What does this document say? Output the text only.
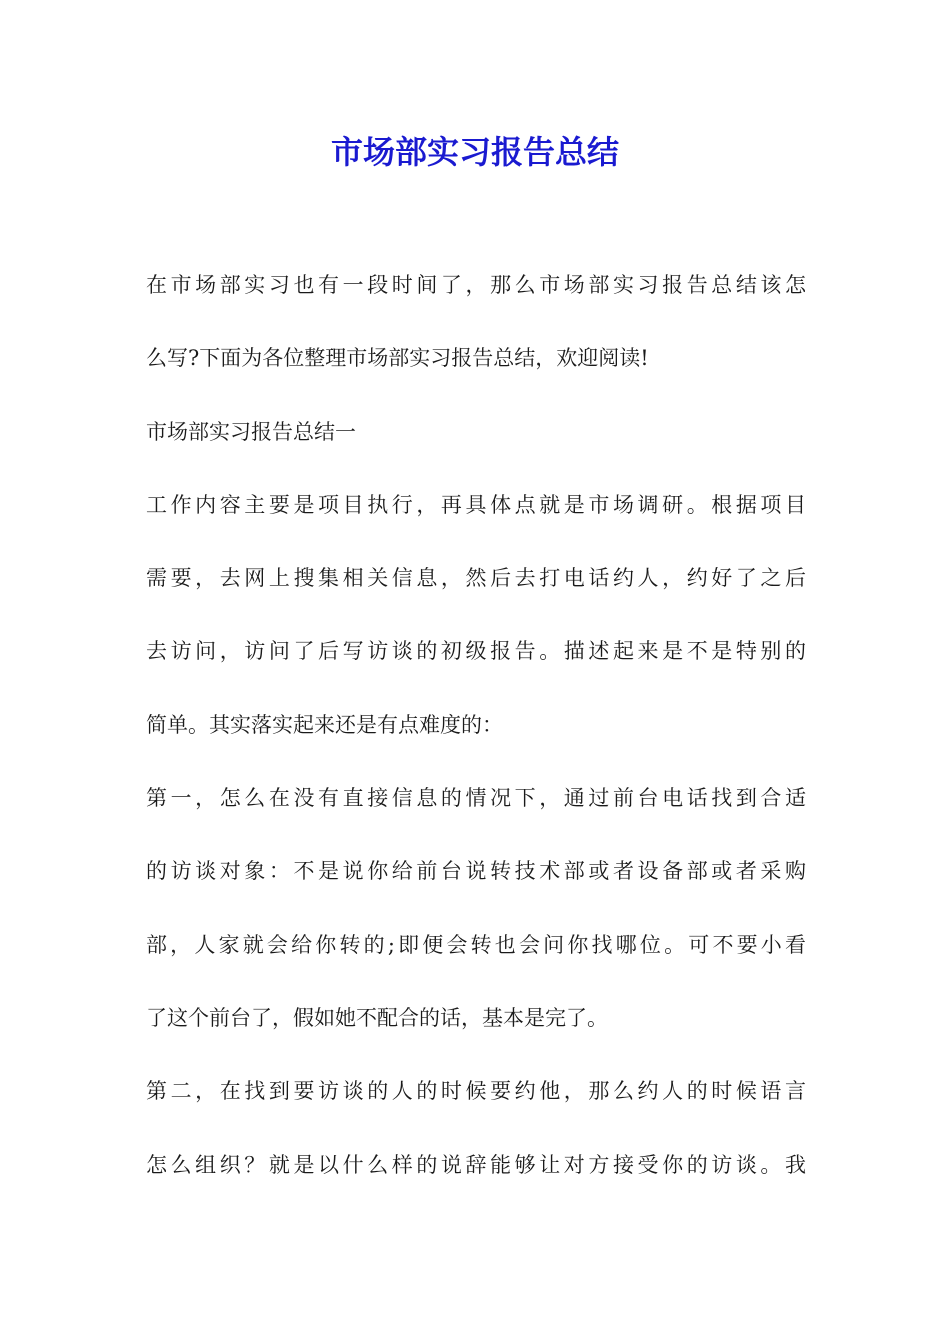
市场部实习报告总结
在市场部实习也有一段时间了，那么市场部实习报告总结该怎
么写?下面为各位整理市场部实习报告总结，欢迎阅读!
市场部实习报告总结一
工作内容主要是项目执行，再具体点就是市场调研。根据项目
需要，去网上搜集相关信息，然后去打电话约人，约好了之后
去访问，访问了后写访谈的初级报告。描述起来是不是特别的
简单。其实落实起来还是有点难度的：
第一，怎么在没有直接信息的情况下，通过前台电话找到合适
的访谈对象：不是说你给前台说转技术部或者设备部或者采购
部，人家就会给你转的;即便会转也会问你找哪位。可不要小看
了这个前台了，假如她不配合的话，基本是完了。
第二，在找到要访谈的人的时候要约他，那么约人的时候语言
怎么组织？就是以什么样的说辞能够让对方接受你的访谈。我
